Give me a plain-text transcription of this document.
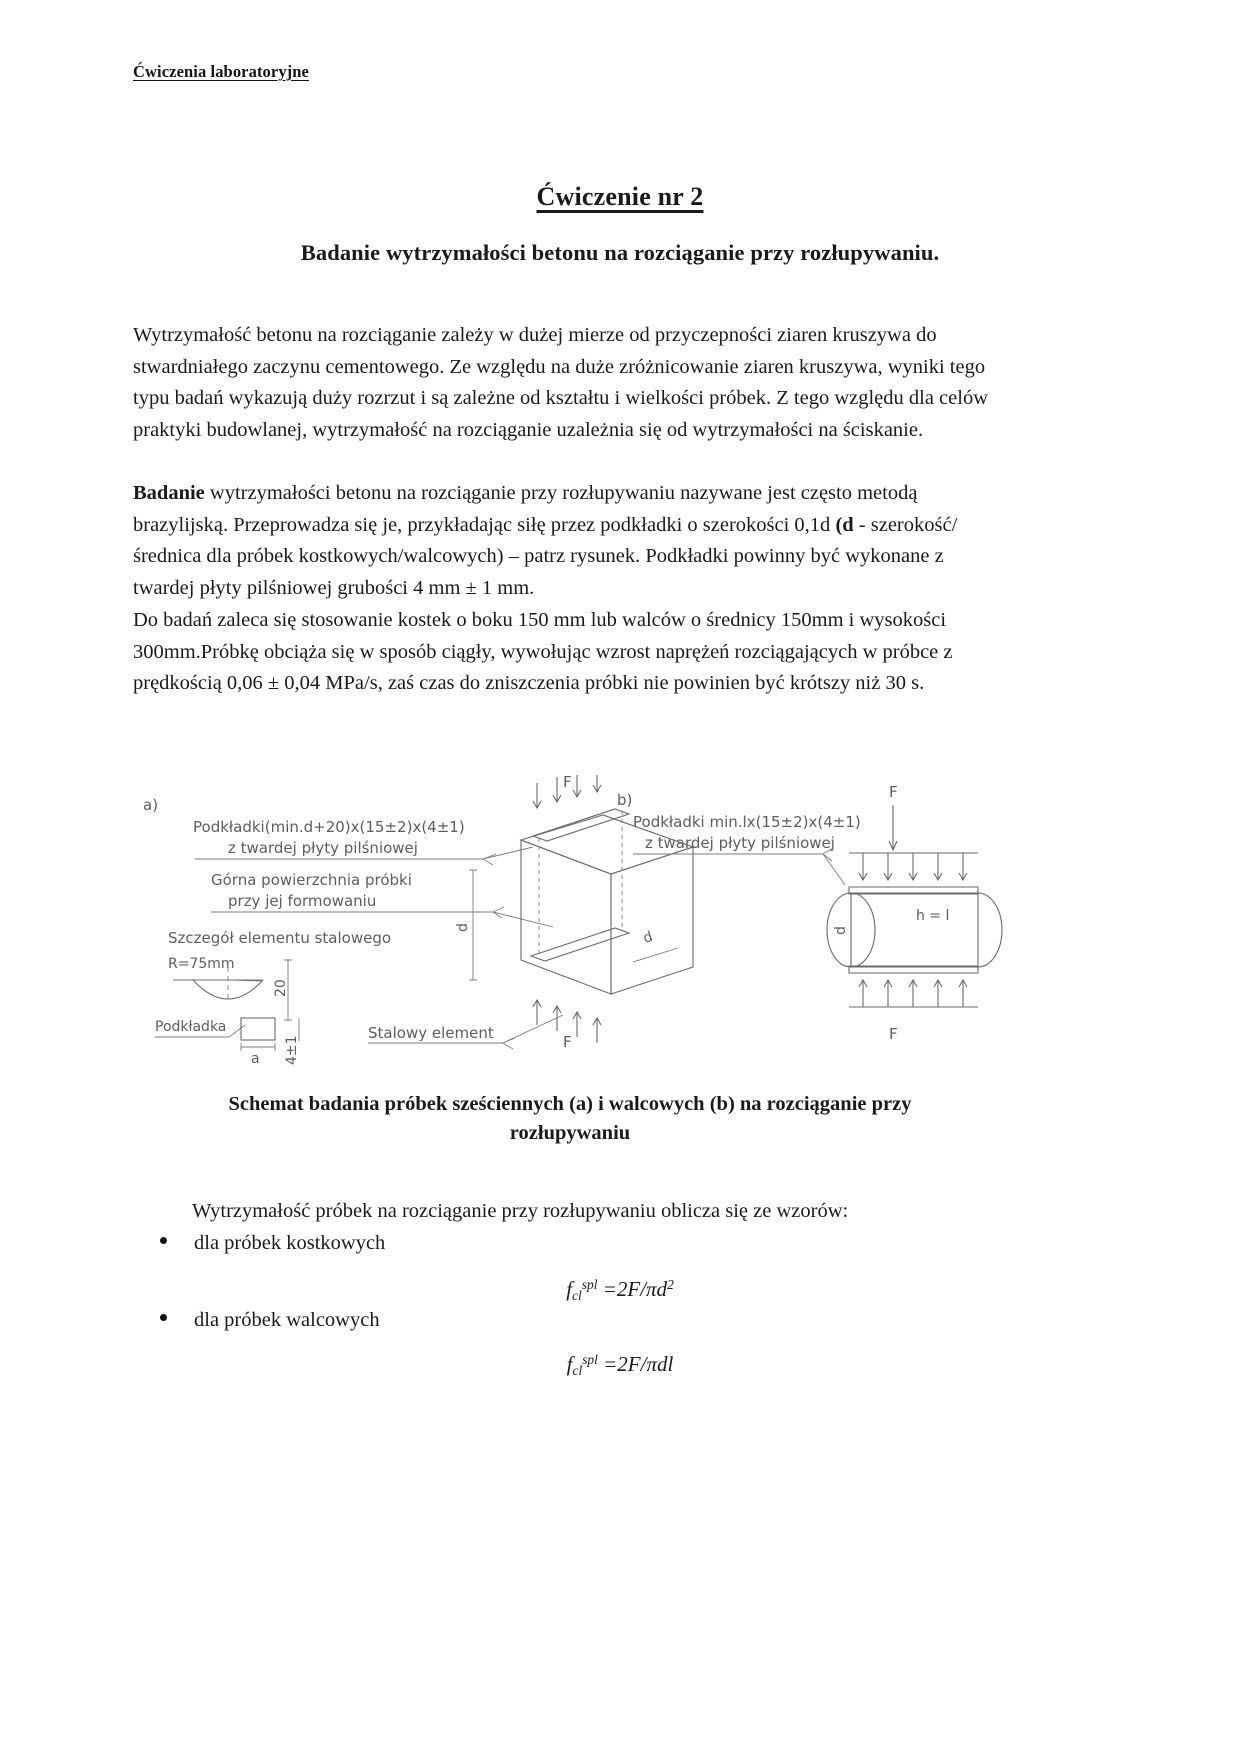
Ćwiczenia laboratoryjne
Ćwiczenie nr 2
Badanie wytrzymałości betonu na rozciąganie przy rozłupywaniu.
Wytrzymałość betonu na rozciąganie zależy w dużej mierze od przyczepności ziaren kruszywa do stwardniałego zaczynu cementowego. Ze względu na duże zróżnicowanie ziaren kruszywa, wyniki tego typu badań wykazują duży rozrzut i są zależne od kształtu i wielkości próbek. Z tego względu dla celów praktyki budowlanej, wytrzymałość na rozciąganie uzależnia się od wytrzymałości na ściskanie.
Badanie wytrzymałości betonu na rozciąganie przy rozłupywaniu nazywane jest często metodą brazylijską. Przeprowadza się je, przykładając siłę przez podkładki o szerokości 0,1d (d - szerokość/średnica dla próbek kostkowych/walcowych) – patrz rysunek. Podkładki powinny być wykonane z twardej płyty pilśniowej grubości 4 mm ± 1 mm.
Do badań zaleca się stosowanie kostek o boku 150 mm lub walców o średnicy 150mm i wysokości 300mm.Próbkę obciąża się w sposób ciągły, wywołując wzrost naprężeń rozciągających w próbce z prędkością 0,06 ± 0,04 MPa/s, zaś czas do zniszczenia próbki nie powinien być krótszy niż 30 s.
a)	b)
Podkładki(min.d+20)x(15±2)x(4±1)
z twardej płyty pilśniowej
Górna powierzchnia próbki
przy jej formowaniu
Szczegół elementu stalowego
R=75mm
Podkładka
a
20
4±1
Stalowy element
F
F
d
d
Podkładki min.lx(15±2)x(4±1)
z twardej płyty pilśniowej
F
F
h = l
d
Schemat badania próbek sześciennych (a) i walcowych (b) na rozciąganie przy
rozłupywaniu
Wytrzymałość próbek na rozciąganie przy rozłupywaniu oblicza się ze wzorów:
dla próbek kostkowych
$f_{cl}^{spl} =2F/\pi d^2$
dla próbek walcowych
$f_{cl}^{spl} =2F/\pi dl$
